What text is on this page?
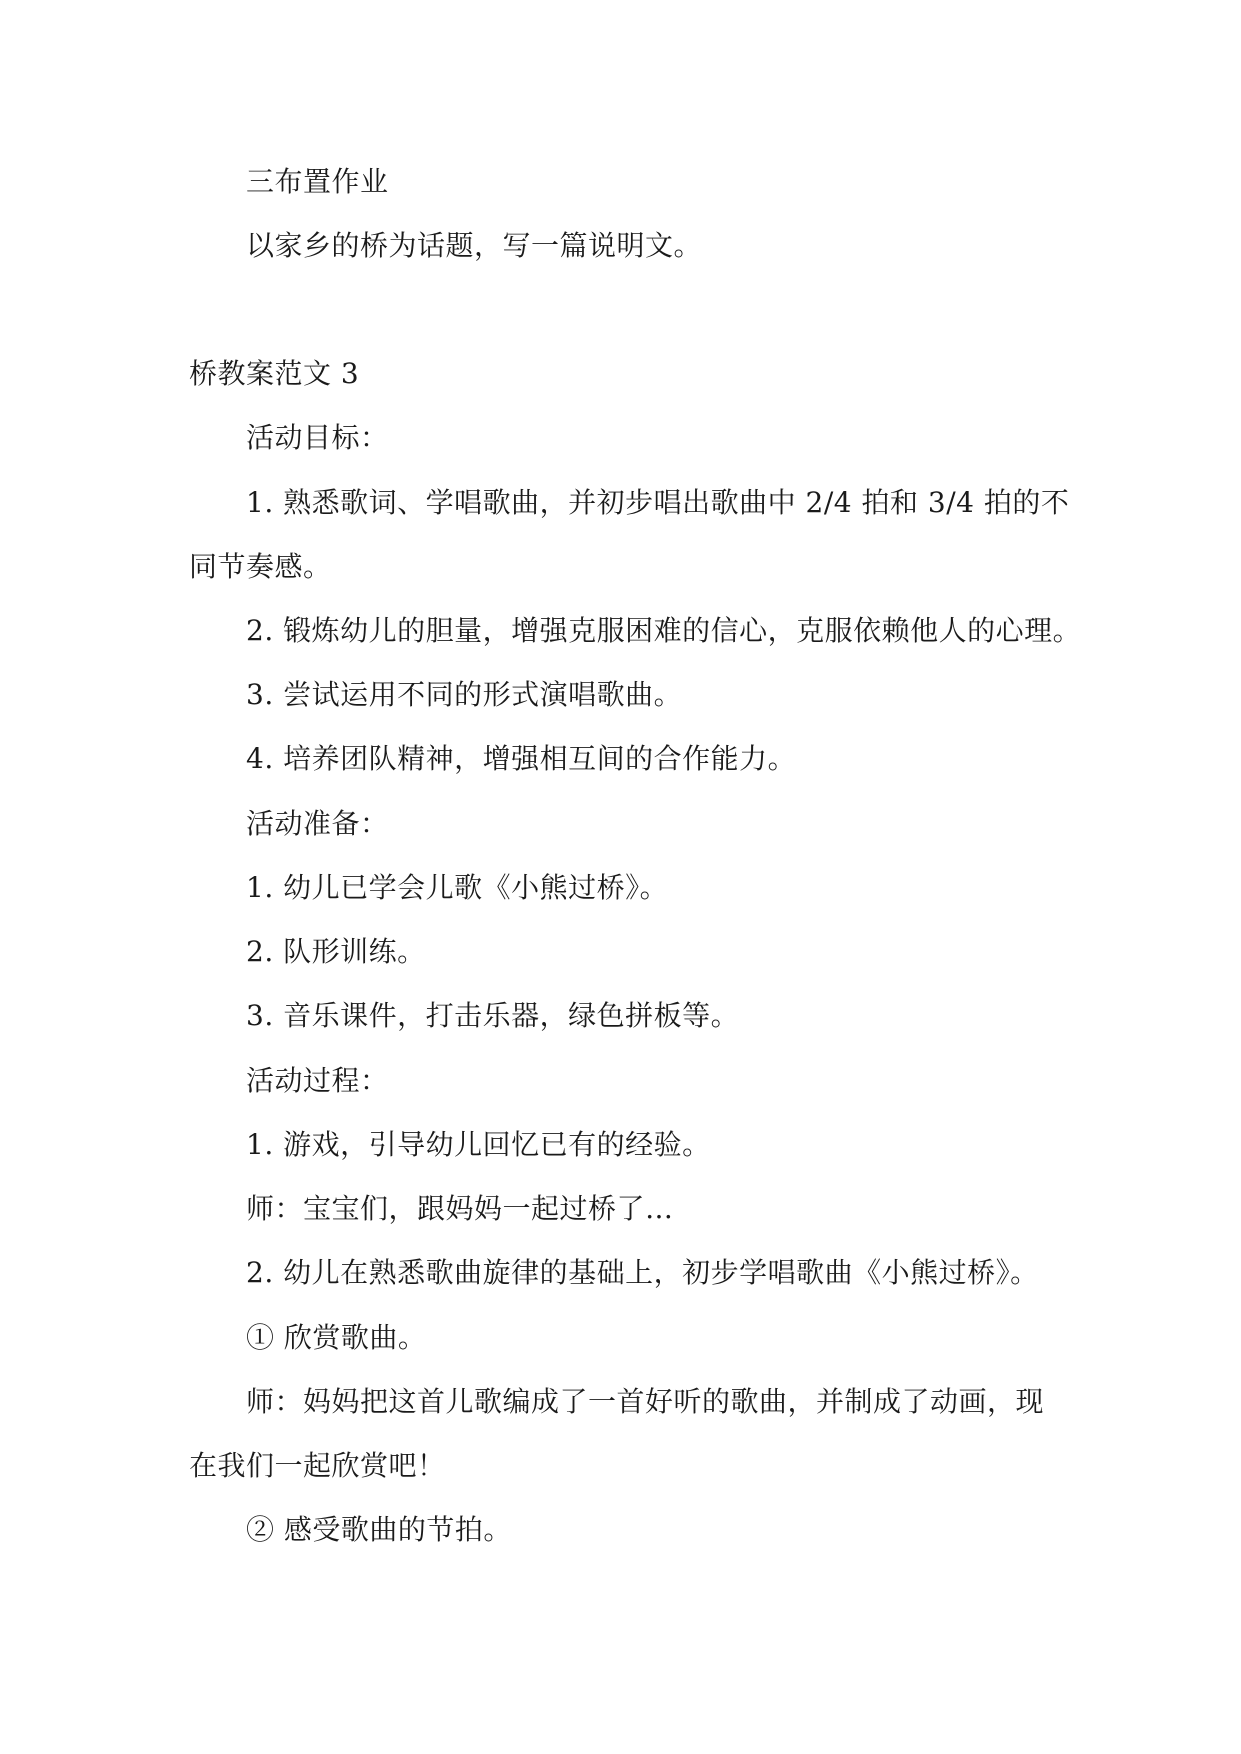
三布置作业
以家乡的桥为话题，写一篇说明文。
桥教案范文 3
活动目标：
1. 熟悉歌词、学唱歌曲，并初步唱出歌曲中 2/4 拍和 3/4 拍的不
同节奏感。
2. 锻炼幼儿的胆量，增强克服困难的信心，克服依赖他人的心理。
3. 尝试运用不同的形式演唱歌曲。
4. 培养团队精神，增强相互间的合作能力。
活动准备：
1. 幼儿已学会儿歌《小熊过桥》。
2. 队形训练。
3. 音乐课件，打击乐器，绿色拼板等。
活动过程：
1. 游戏，引导幼儿回忆已有的经验。
师：宝宝们，跟妈妈一起过桥了…
2. 幼儿在熟悉歌曲旋律的基础上，初步学唱歌曲《小熊过桥》。
① 欣赏歌曲。
师：妈妈把这首儿歌编成了一首好听的歌曲，并制成了动画，现
在我们一起欣赏吧！
② 感受歌曲的节拍。
